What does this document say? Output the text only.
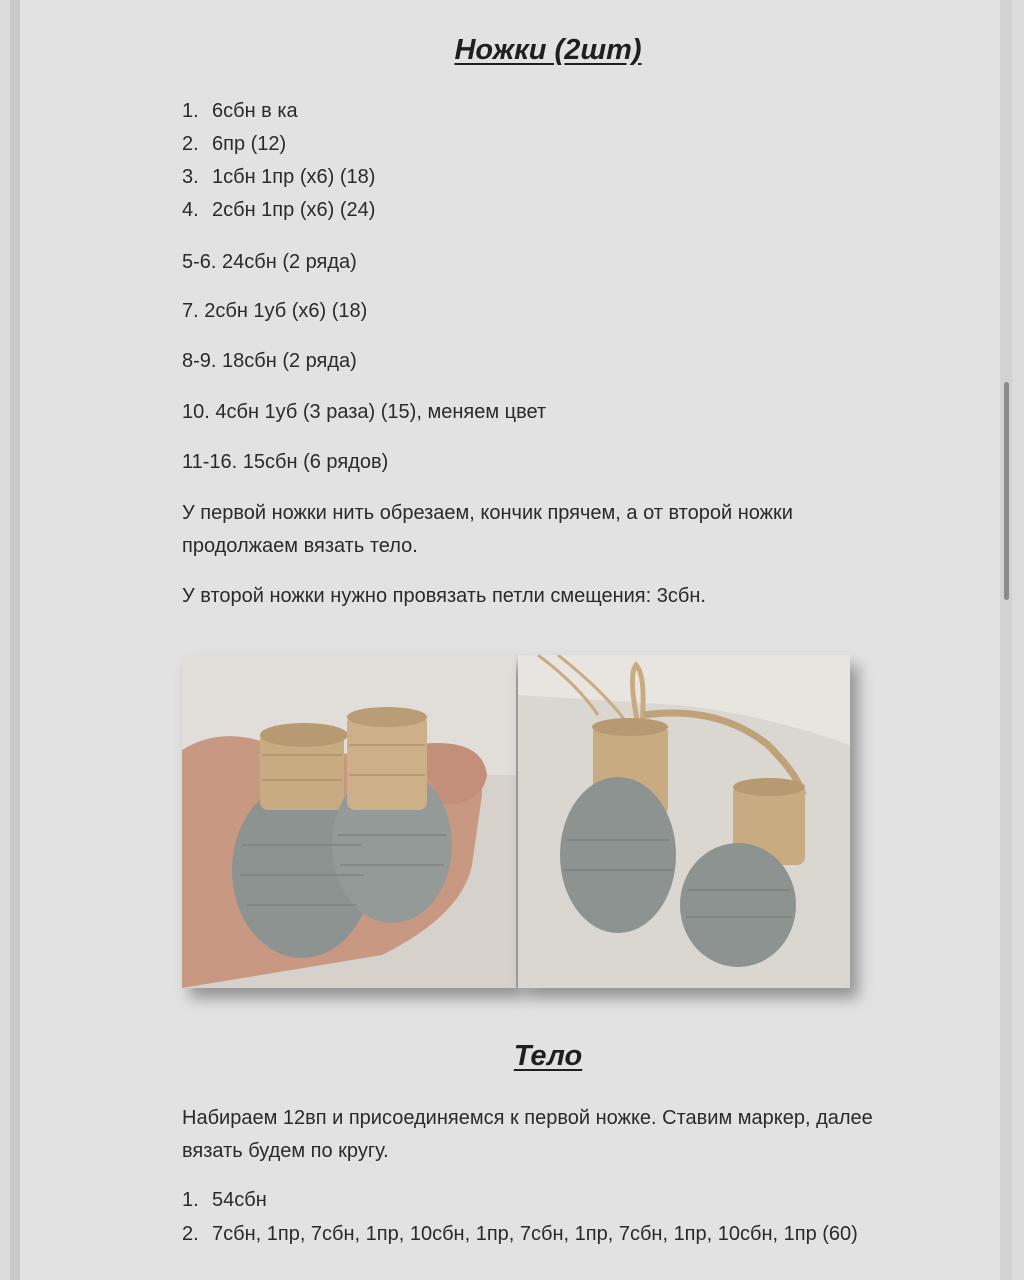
Ножки (2шт)

1. 6сбн в ка

2. 6пр (12)

3. 1сбн 1пр (х6) (18)

4. 2сбн 1пр (х6) (24)

5-6. 24сбн (2 ряда)

7. 2сбн 1уб (х6) (18)

8-9. 18сбн (2 ряда)

10. 4сбн 1уб (3 раза) (15), меняем цвет

11-16. 15сбн (6 рядов)

У первой ножки нить обрезаем, кончик прячем, а от второй ножки

продолжаем вязать тело.

У второй ножки нужно провязать петли смещения: 3сбн.

Тело

Набираем 12вп и присоединяемся к первой ножке. Ставим маркер, далее

вязать будем по кругу.

1. 54сбн

2. 7сбн, 1пр, 7сбн, 1пр, 10сбн, 1пр, 7сбн, 1пр, 7сбн, 1пр, 10сбн, 1пр (60)
